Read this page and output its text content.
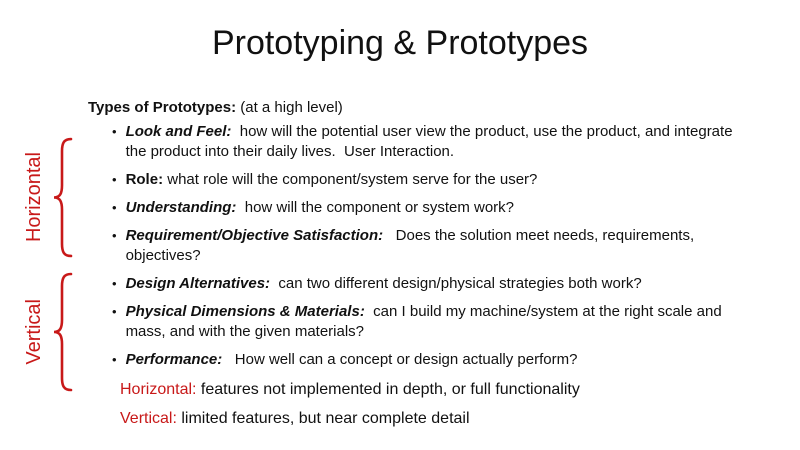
Prototyping & Prototypes
Types of Prototypes: (at a high level)
• Look and Feel:  how will the potential user view the product, use the product, and integrate the product into their daily lives.  User Interaction.
• Role: what role will the component/system serve for the user?
• Understanding:  how will the component or system work?
• Requirement/Objective Satisfaction:   Does the solution meet needs, requirements, objectives?
• Design Alternatives:  can two different design/physical strategies both work?
• Physical Dimensions & Materials:  can I build my machine/system at the right scale and mass, and with the given materials?
• Performance:   How well can a concept or design actually perform?
Horizontal
Vertical
Horizontal: features not implemented in depth, or full functionality
Vertical: limited features, but near complete detail
